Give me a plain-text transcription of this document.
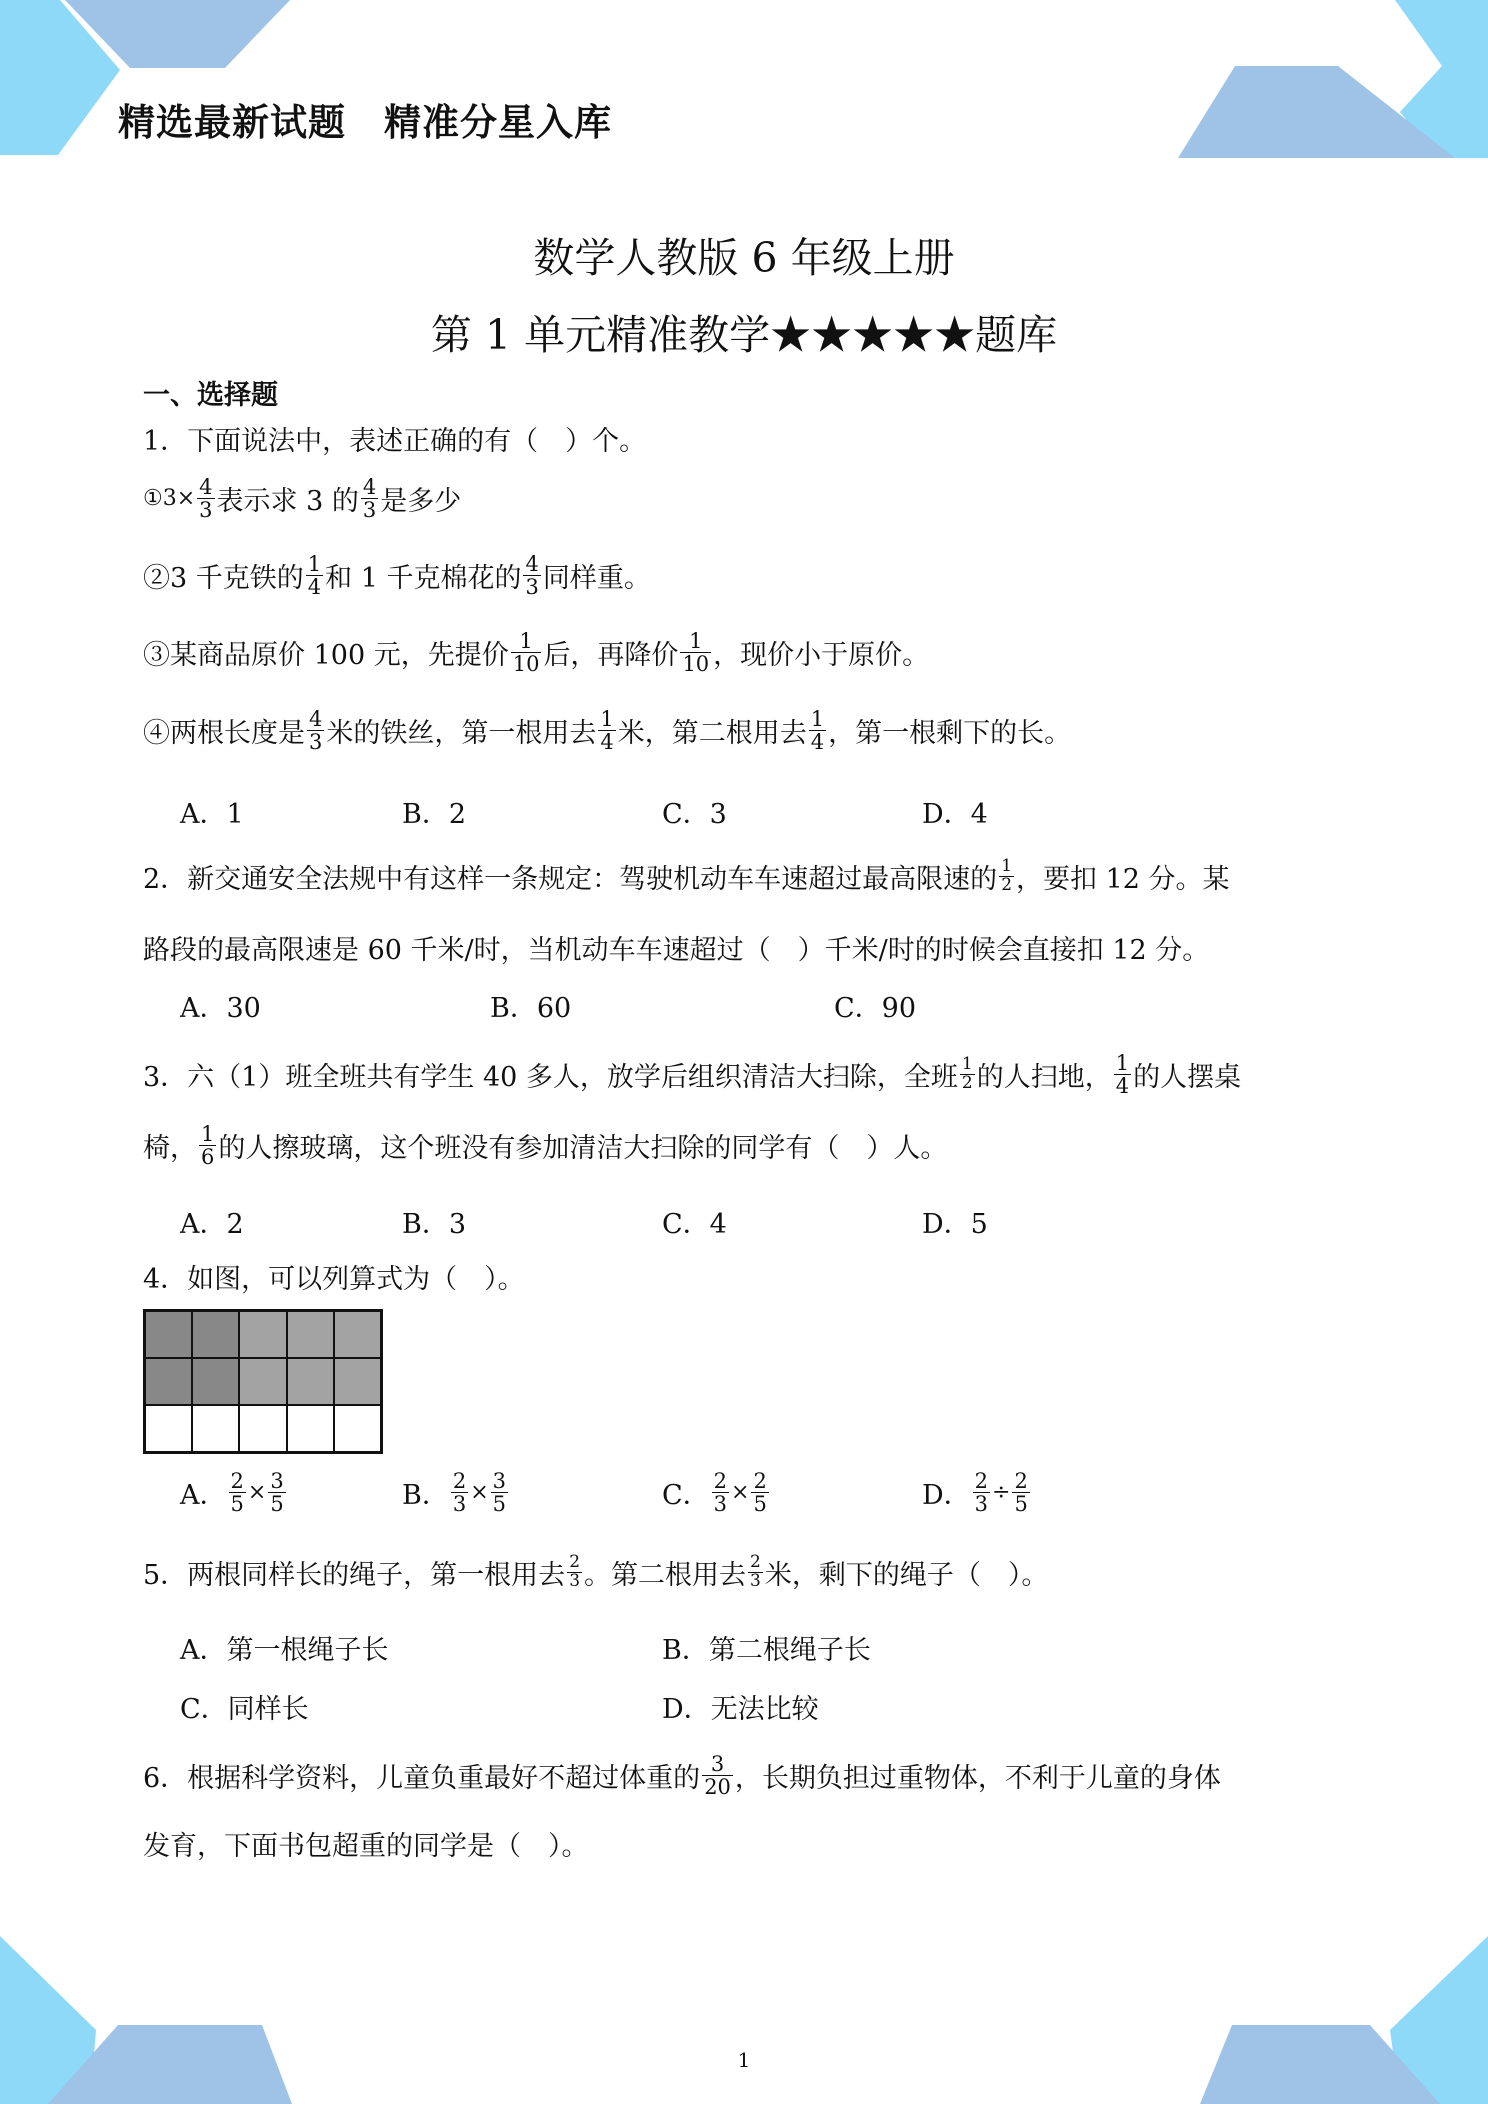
精选最新试题　精准分星入库
数学人教版 6 年级上册
第 1 单元精准教学★★★★★题库
一、选择题
1．下面说法中，表述正确的有（　）个。
①3× $\frac{4}{3}$ 表示求 3 的 $\frac{4}{3}$ 是多少
②3 千克铁的 $\frac{1}{4}$ 和 1 千克棉花的 $\frac{4}{3}$ 同样重。
③某商品原价 100 元，先提价 $\frac{1}{10}$ 后，再降价 $\frac{1}{10}$ ，现价小于原价。
④两根长度是 $\frac{4}{3}$ 米的铁丝，第一根用去 $\frac{1}{4}$ 米，第二根用去 $\frac{1}{4}$ ，第一根剩下的长。
A．1	B．2	C．3	D．4
2．新交通安全法规中有这样一条规定：驾驶机动车车速超过最高限速的 $\frac{1}{2}$ ，要扣 12 分。某
路段的最高限速是 60 千米/时，当机动车车速超过（　）千米/时的时候会直接扣 12 分。
A．30	B．60	C．90
3．六（1）班全班共有学生 40 多人，放学后组织清洁大扫除，全班 $\frac{1}{2}$ 的人扫地， $\frac{1}{4}$ 的人摆桌
椅， $\frac{1}{6}$ 的人擦玻璃，这个班没有参加清洁大扫除的同学有（　）人。
A．2	B．3	C．4	D．5
4．如图，可以列算式为（　）。
A． $\frac{2}{5} \times \frac{3}{5}$	B． $\frac{2}{3} \times \frac{3}{5}$	C． $\frac{2}{3} \times \frac{2}{5}$	D． $\frac{2}{3} \div \frac{2}{5}$
5．两根同样长的绳子，第一根用去 $\frac{2}{3}$ 。第二根用去 $\frac{2}{3}$ 米，剩下的绳子（　）。
A．第一根绳子长	B．第二根绳子长
C．同样长	D．无法比较
6．根据科学资料，儿童负重最好不超过体重的 $\frac{3}{20}$ ，长期负担过重物体，不利于儿童的身体
发育，下面书包超重的同学是（　）。
1
